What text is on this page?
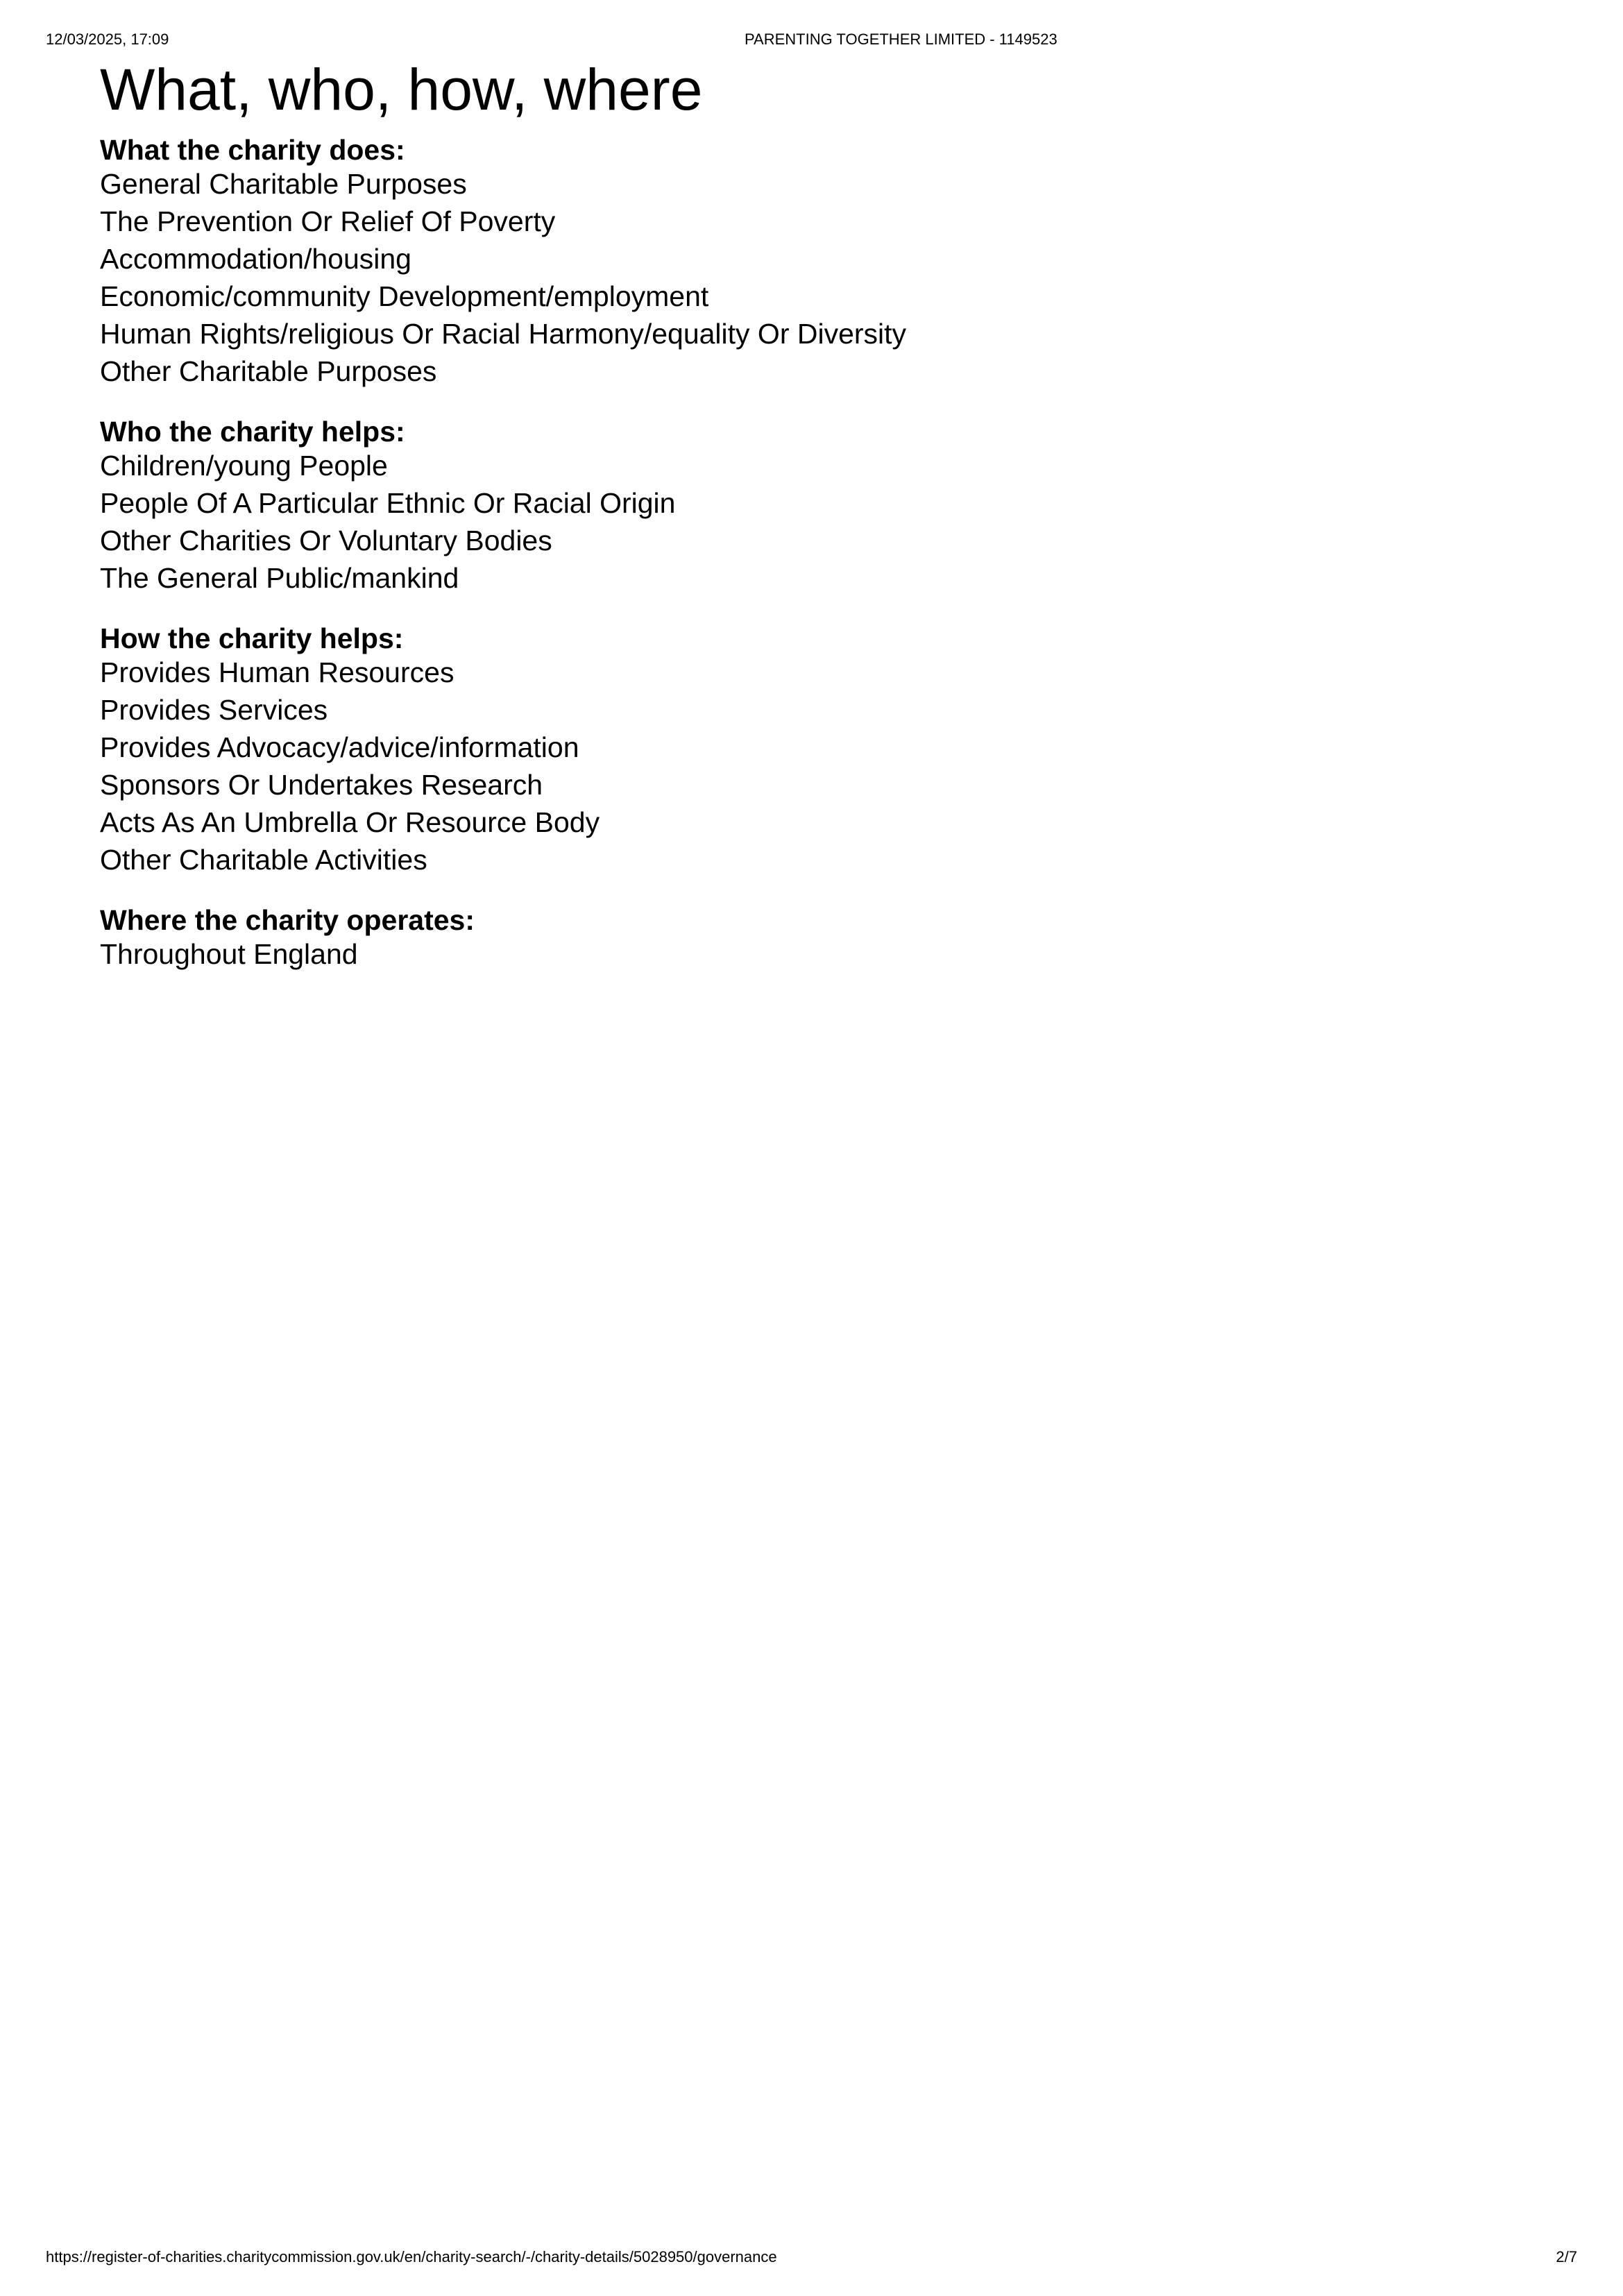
12/03/2025, 17:09	PARENTING TOGETHER LIMITED - 1149523
What, who, how, where
What the charity does:
General Charitable Purposes
The Prevention Or Relief Of Poverty
Accommodation/housing
Economic/community Development/employment
Human Rights/religious Or Racial Harmony/equality Or Diversity
Other Charitable Purposes
Who the charity helps:
Children/young People
People Of A Particular Ethnic Or Racial Origin
Other Charities Or Voluntary Bodies
The General Public/mankind
How the charity helps:
Provides Human Resources
Provides Services
Provides Advocacy/advice/information
Sponsors Or Undertakes Research
Acts As An Umbrella Or Resource Body
Other Charitable Activities
Where the charity operates:
Throughout England
https://register-of-charities.charitycommission.gov.uk/en/charity-search/-/charity-details/5028950/governance	2/7
